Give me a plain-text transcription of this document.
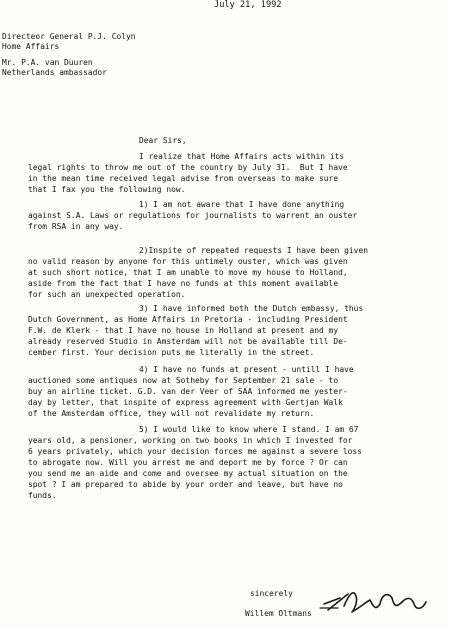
July 21, 1992
Directeor General P.J. Colyn
Home Affairs
Mr. P.A. van Duuren
Netherlands ambassador
Dear Sirs,
I realize that Home Affairs acts within its
legal rights to throw me out of the country by July 31.  But I have
in the mean time received legal advise from overseas to make sure
that I fax you the following now.
1) I am not aware that I have done anything
against S.A. Laws or regulations for journalists to warrent an ouster
from RSA in any way.
2)Inspite of repeated requests I have been given
no valid reason by anyone for this untimely ouster, which was given
at such short notice, that I am unable to move my house to Holland,
aside from the fact that I have no funds at this moment available
for such an unexpected operation.
3) I have informed both the Dutch embassy, thus
Dutch Government, as Home Affairs in Pretoria - including President
F.W. de Klerk - that I have no house in Holland at present and my
already reserved Studio in Amsterdam will not be available till De-
cember first. Your decision puts me literally in the street.
4) I have no funds at present - untill I have
auctioned some antiques now at Sotheby for September 21 sale - to
buy an airline ticket. G.D. van der Veer of SAA informed me yester-
day by letter, that inspite of express agreement with Gertjan Walk
of the Amsterdam office, they will not revalidate my return.
5) I would like to know where I stand. I am 67
years old, a pensioner, working on two books in which I invested for
6 years privately, which your decision forces me against a severe loss
to abrogate now. Will you arrest me and deport me by force ? Or can
you send me an aide and come and oversee my actual situation on the
spot ? I am prepared to abide by your order and leave, but have no
funds.
sincerely
Willem Oltmans
